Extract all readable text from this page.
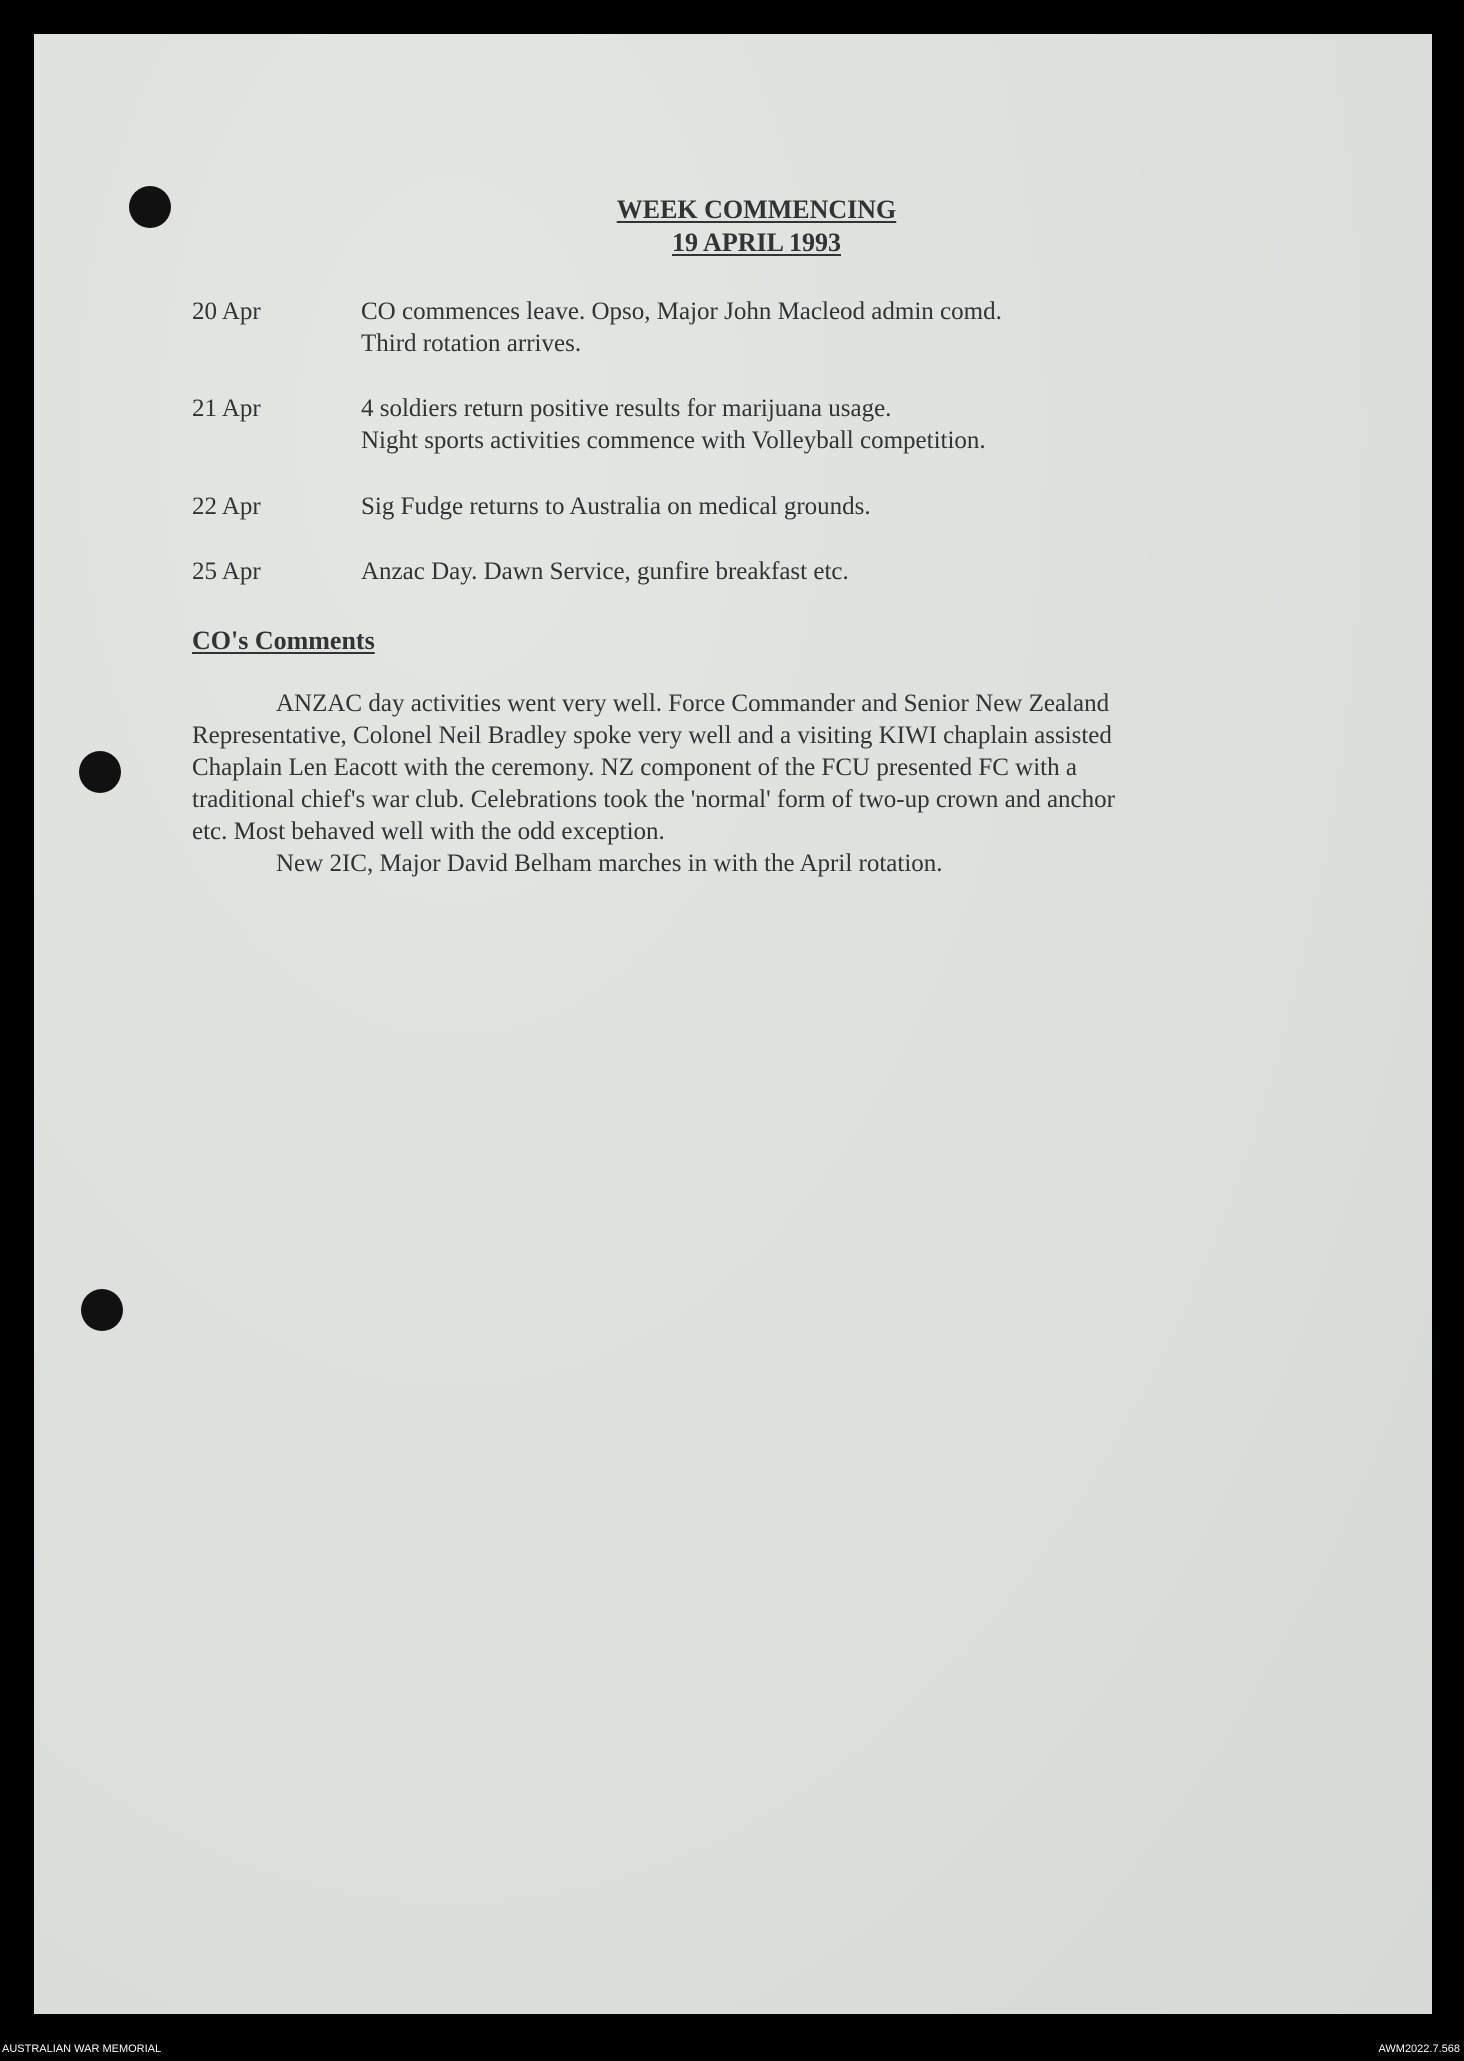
WEEK COMMENCING
19 APRIL 1993
20 Apr	CO commences leave. Opso, Major John Macleod admin comd.
Third rotation arrives.
21 Apr	4 soldiers return positive results for marijuana usage.
Night sports activities commence with Volleyball competition.
22 Apr	Sig Fudge returns to Australia on medical grounds.
25 Apr	Anzac Day. Dawn Service, gunfire breakfast etc.
CO's Comments
ANZAC day activities went very well. Force Commander and Senior New Zealand
Representative, Colonel Neil Bradley spoke very well and a visiting KIWI chaplain assisted
Chaplain Len Eacott with the ceremony. NZ component of the FCU presented FC with a
traditional chief's war club. Celebrations took the 'normal' form of two-up crown and anchor
etc. Most behaved well with the odd exception.
New 2IC, Major David Belham marches in with the April rotation.
AUSTRALIAN WAR MEMORIAL	AWM2022.7.568
